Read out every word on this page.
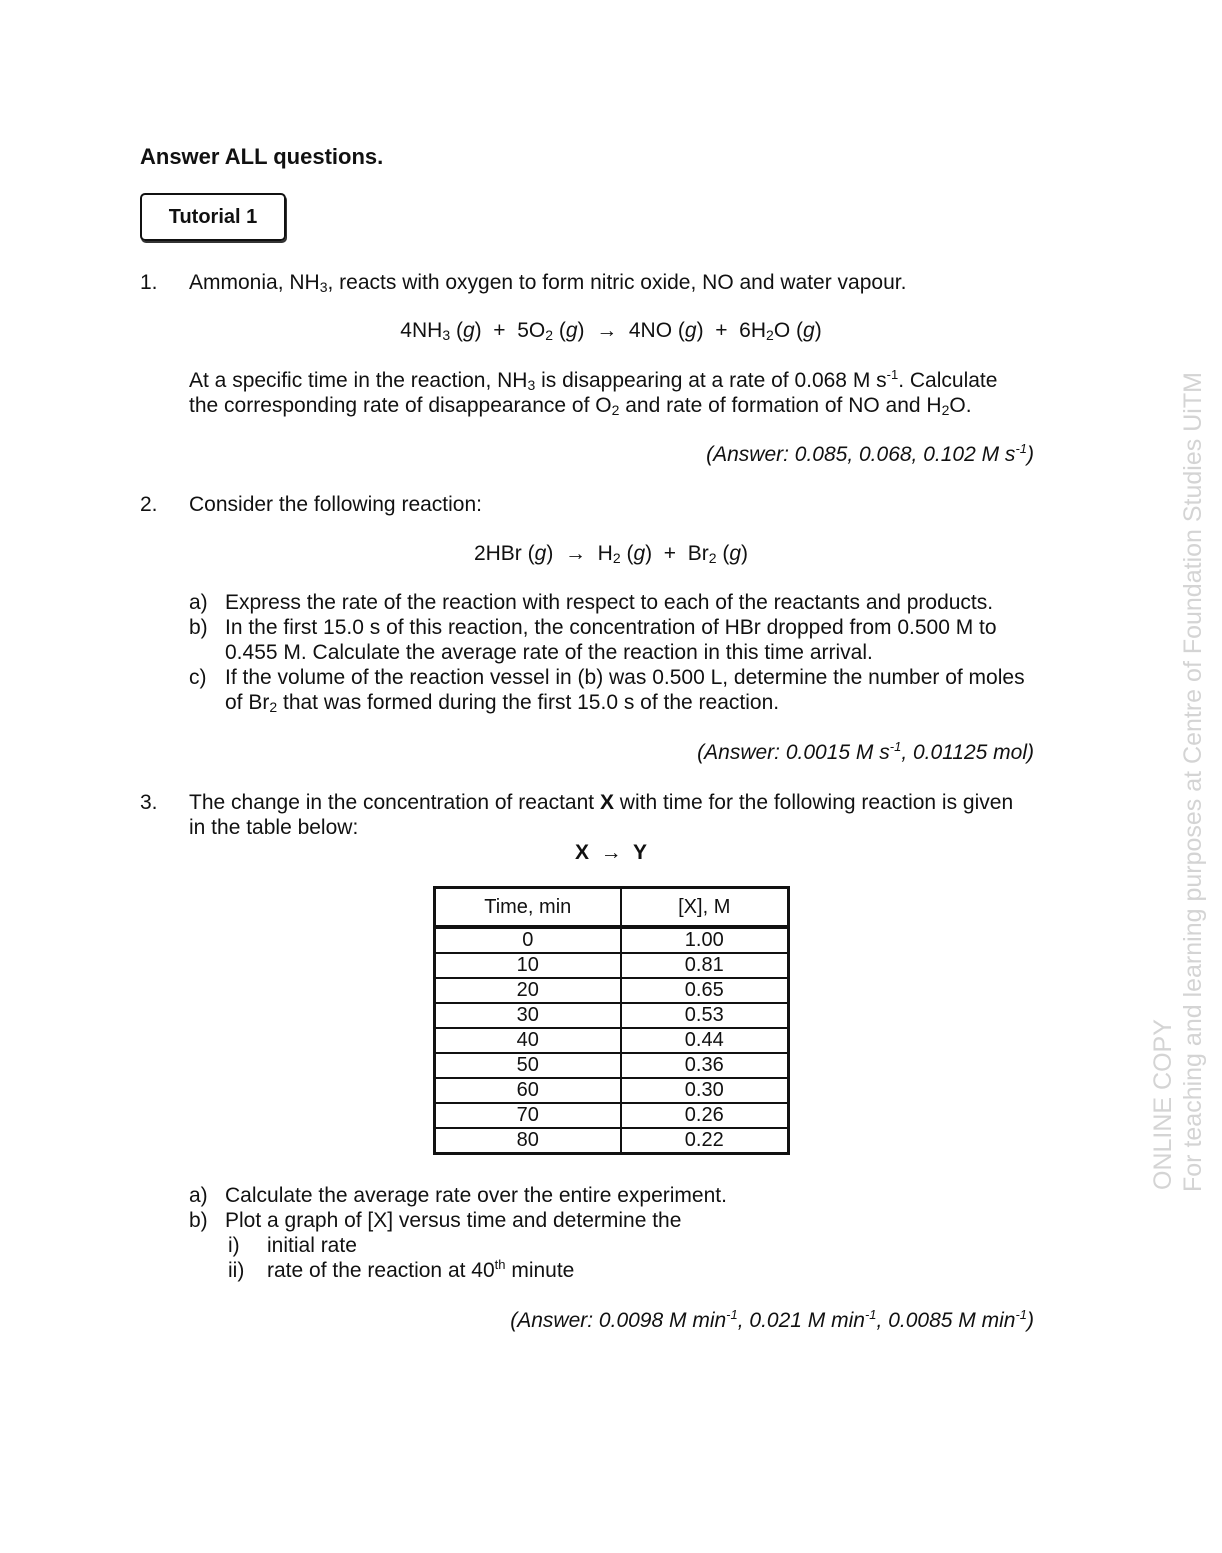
Answer ALL questions.
Tutorial 1
1. Ammonia, $NH_3$, reacts with oxygen to form nitric oxide, NO and water vapour.
$4NH_3$ $(g) + 5O_2$ (g)  →  4NO $(g) + 6H_2O$ (g)
At a specific time in the reaction, $NH_3$ is disappearing at a rate of 0.068 M $s^{-1}$. Calculate
the corresponding rate of disappearance of $O_2$ and rate of formation of NO and $H_2O$.
(Answer: 0.085, 0.068, 0.102 M $s^{-1}$)
2. Consider the following reaction:
2HBr $(g) \to H_2$ $(g) + Br_2$ (g)
a) Express the rate of the reaction with respect to each of the reactants and products.
b) In the first 15.0 s of this reaction, the concentration of HBr dropped from 0.500 M to
0.455 M. Calculate the average rate of the reaction in this time arrival.
c) If the volume of the reaction vessel in (b) was 0.500 L, determine the number of moles
of $Br_2$ that was formed during the first 15.0 s of the reaction.
(Answer: 0.0015 M $s^{-1}$, 0.01125 mol)
3. The change in the concentration of reactant X with time for the following reaction is given
in the table below:
X  →  Y
Time, min	[X], M
0	1.00
10	0.81
20	0.65
30	0.53
40	0.44
50	0.36
60	0.30
70	0.26
80	0.22
a) Calculate the average rate over the entire experiment.
b) Plot a graph of [X] versus time and determine the
i) initial rate
ii) rate of the reaction at 40th minute
(Answer: 0.0098 M $\min^{-1}$, 0.021 M $\min^{-1}$, 0.0085 M $\min^{-1}$)
ONLINE COPY For teaching and learning purposes at Centre of Foundation Studies UiTM
